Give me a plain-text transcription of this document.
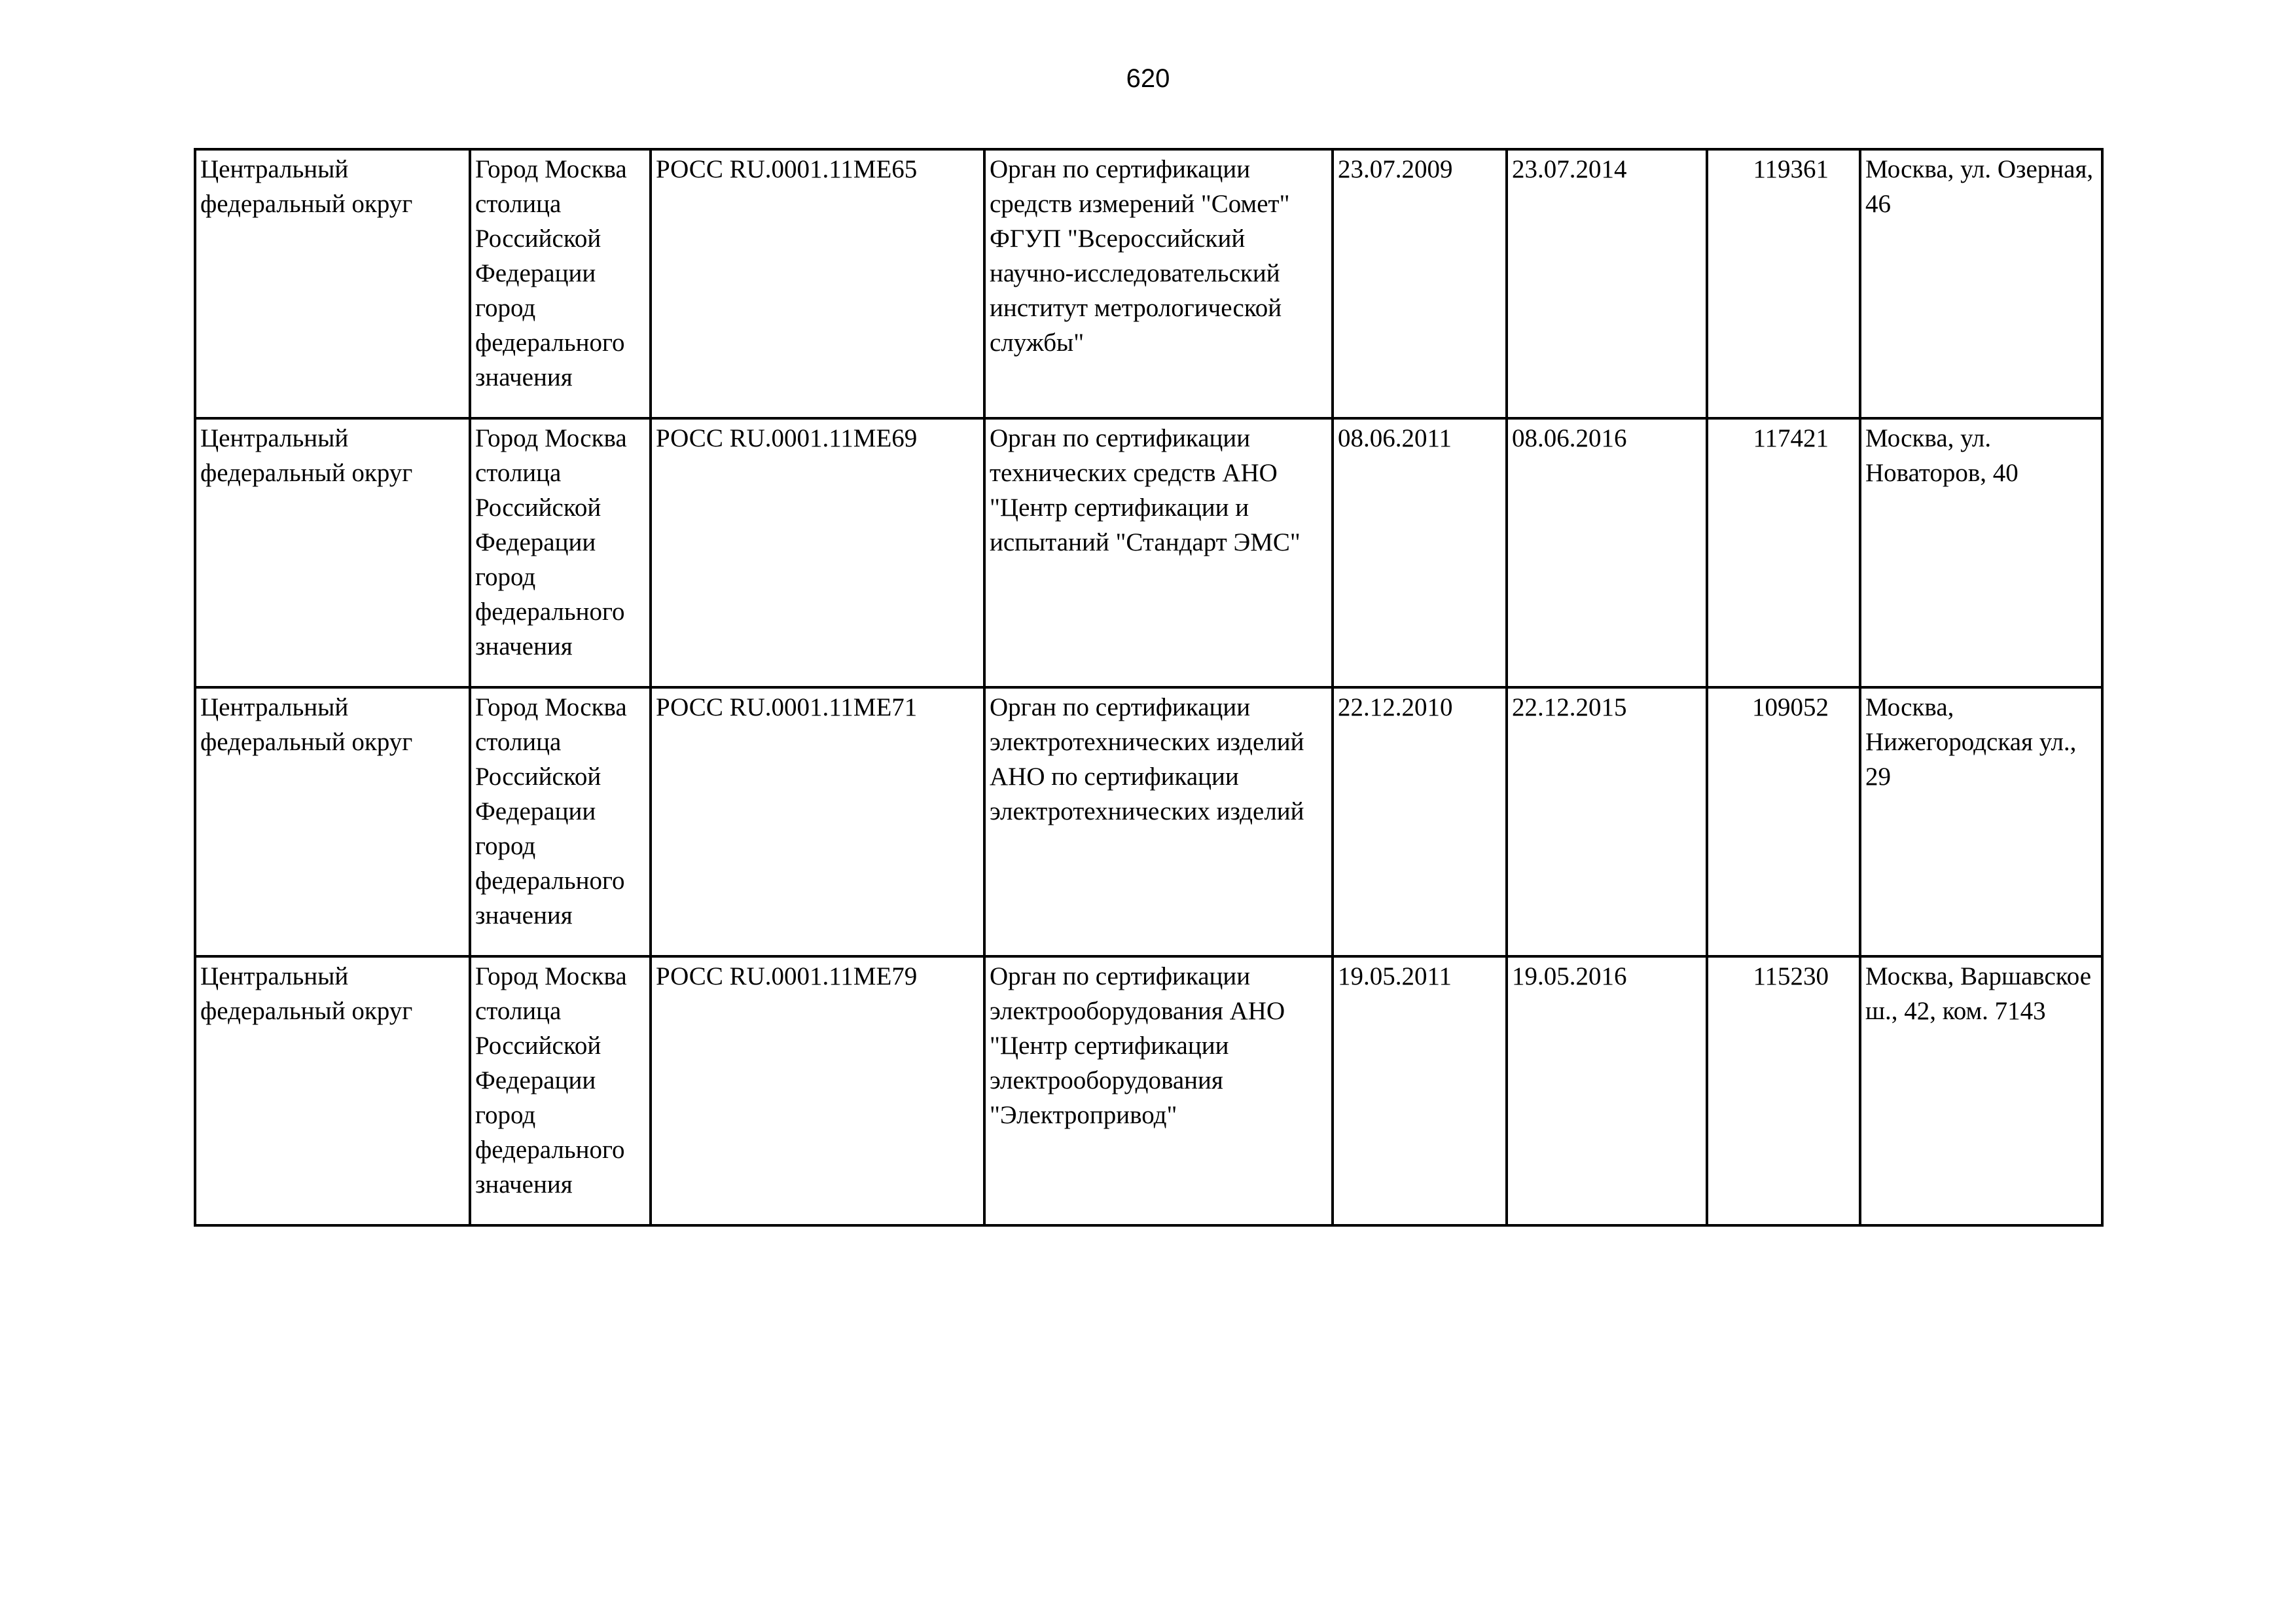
620
Центральный федеральный округ	Город Москва столица Российской Федерации город федерального значения	РОСС RU.0001.11МЕ65	Орган по сертификации средств измерений "Сомет" ФГУП "Всероссийский научно-исследовательский институт метрологической службы"	23.07.2009	23.07.2014	119361	Москва, ул. Озерная, 46

Центральный федеральный округ	Город Москва столица Российской Федерации город федерального значения	РОСС RU.0001.11МЕ69	Орган по сертификации технических средств АНО "Центр сертификации и испытаний "Стандарт ЭМС"	08.06.2011	08.06.2016	117421	Москва, ул. Новаторов, 40

Центральный федеральный округ	Город Москва столица Российской Федерации город федерального значения	РОСС RU.0001.11МЕ71	Орган по сертификации электротехнических изделий АНО по сертификации электротехнических изделий	22.12.2010	22.12.2015	109052	Москва, Нижегородская ул., 29

Центральный федеральный округ	Город Москва столица Российской Федерации город федерального значения	РОСС RU.0001.11МЕ79	Орган по сертификации электрооборудования АНО "Центр сертификации электрооборудования "Электропривод"	19.05.2011	19.05.2016	115230	Москва, Варшавское ш., 42, ком. 7143
